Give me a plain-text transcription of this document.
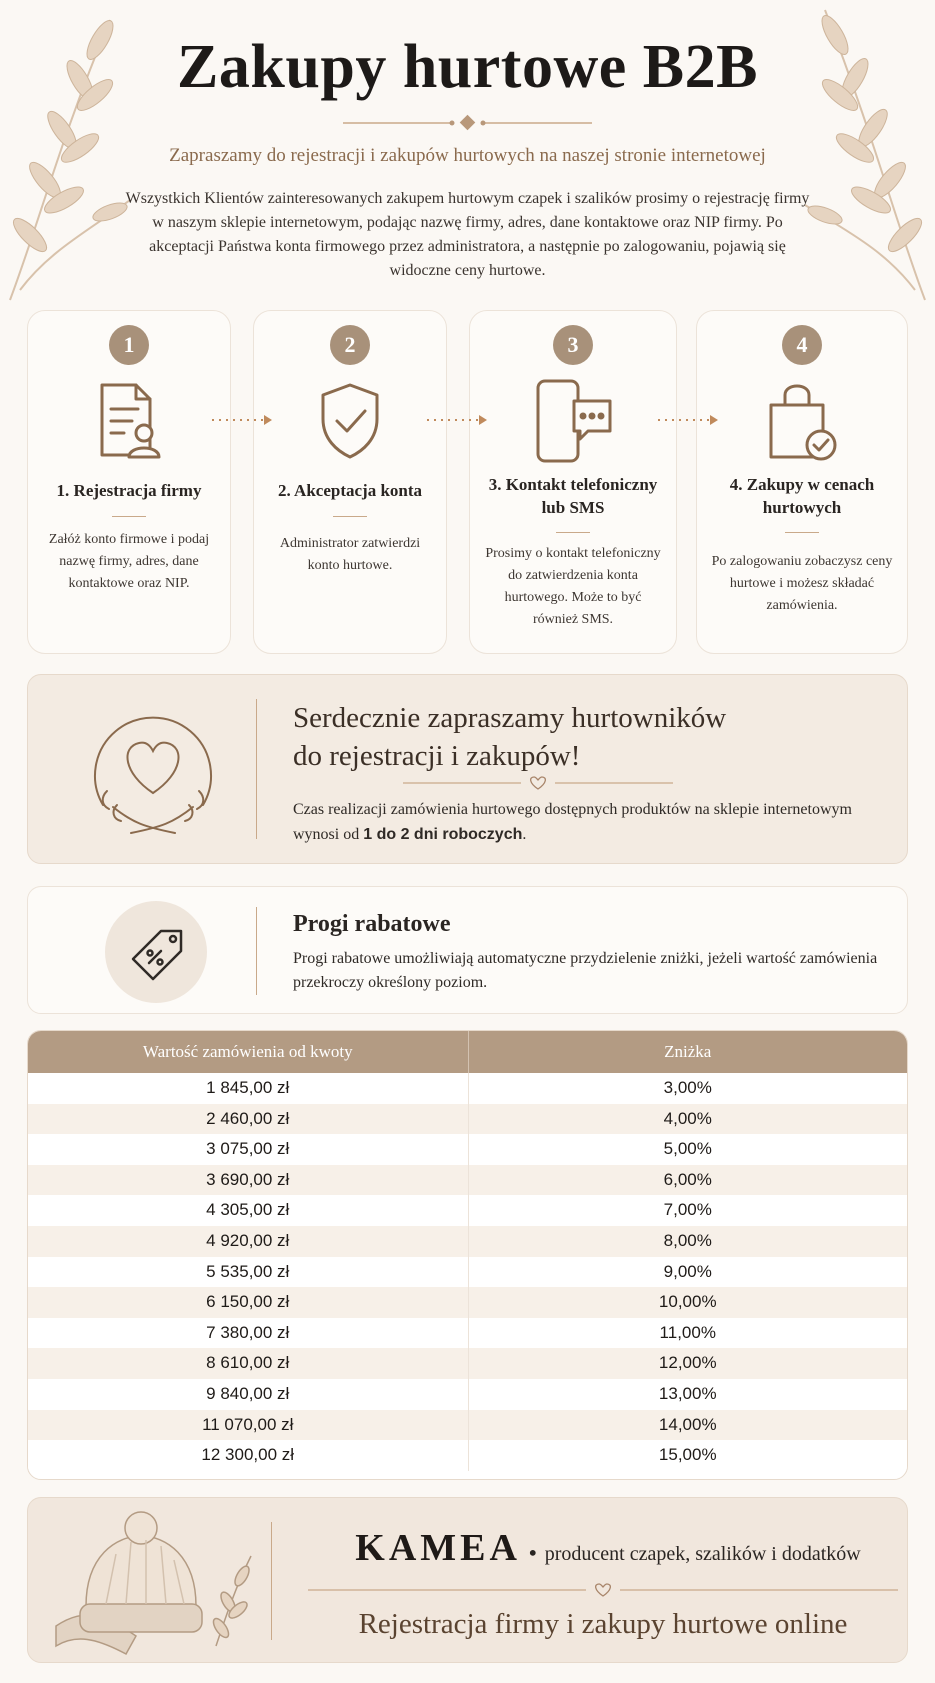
Zakupy hurtowe B2B

Zapraszamy do rejestracji i zakupów hurtowych na naszej stronie internetowej

Wszystkich Klientów zainteresowanych zakupem hurtowym czapek i szalików prosimy o rejestrację firmy w naszym sklepie internetowym, podając nazwę firmy, adres, dane kontaktowe oraz NIP firmy. Po akceptacji Państwa konta firmowego przez administratora, a następnie po zalogowaniu, pojawią się widoczne ceny hurtowe.

1
1. Rejestracja firmy
Załóż konto firmowe i podaj nazwę firmy, adres, dane kontaktowe oraz NIP.
2
2. Akceptacja konta
Administrator zatwierdzi konto hurtowe.
3
3. Kontakt telefoniczny lub SMS
Prosimy o kontakt telefoniczny do zatwierdzenia konta hurtowego. Może to być również SMS.
4
4. Zakupy w cenach hurtowych
Po zalogowaniu zobaczysz ceny hurtowe i możesz składać zamówienia.
Serdecznie zapraszamy hurtowników
do rejestracji i zakupów!

Czas realizacji zamówienia hurtowego dostępnych produktów na sklepie internetowym wynosi od 1 do 2 dni roboczych.

Progi rabatowe

Progi rabatowe umożliwiają automatyczne przydzielenie zniżki, jeżeli wartość zamówienia przekroczy określony poziom.

Wartość zamówienia od kwoty	Zniżka
1 845,00 zł	3,00%
2 460,00 zł	4,00%
3 075,00 zł	5,00%
3 690,00 zł	6,00%
4 305,00 zł	7,00%
4 920,00 zł	8,00%
5 535,00 zł	9,00%
6 150,00 zł	10,00%
7 380,00 zł	11,00%
8 610,00 zł	12,00%
9 840,00 zł	13,00%
11 070,00 zł	14,00%
12 300,00 zł	15,00%
KAMEA • producent czapek, szalików i dodatków
Rejestracja firmy i zakupy hurtowe online
